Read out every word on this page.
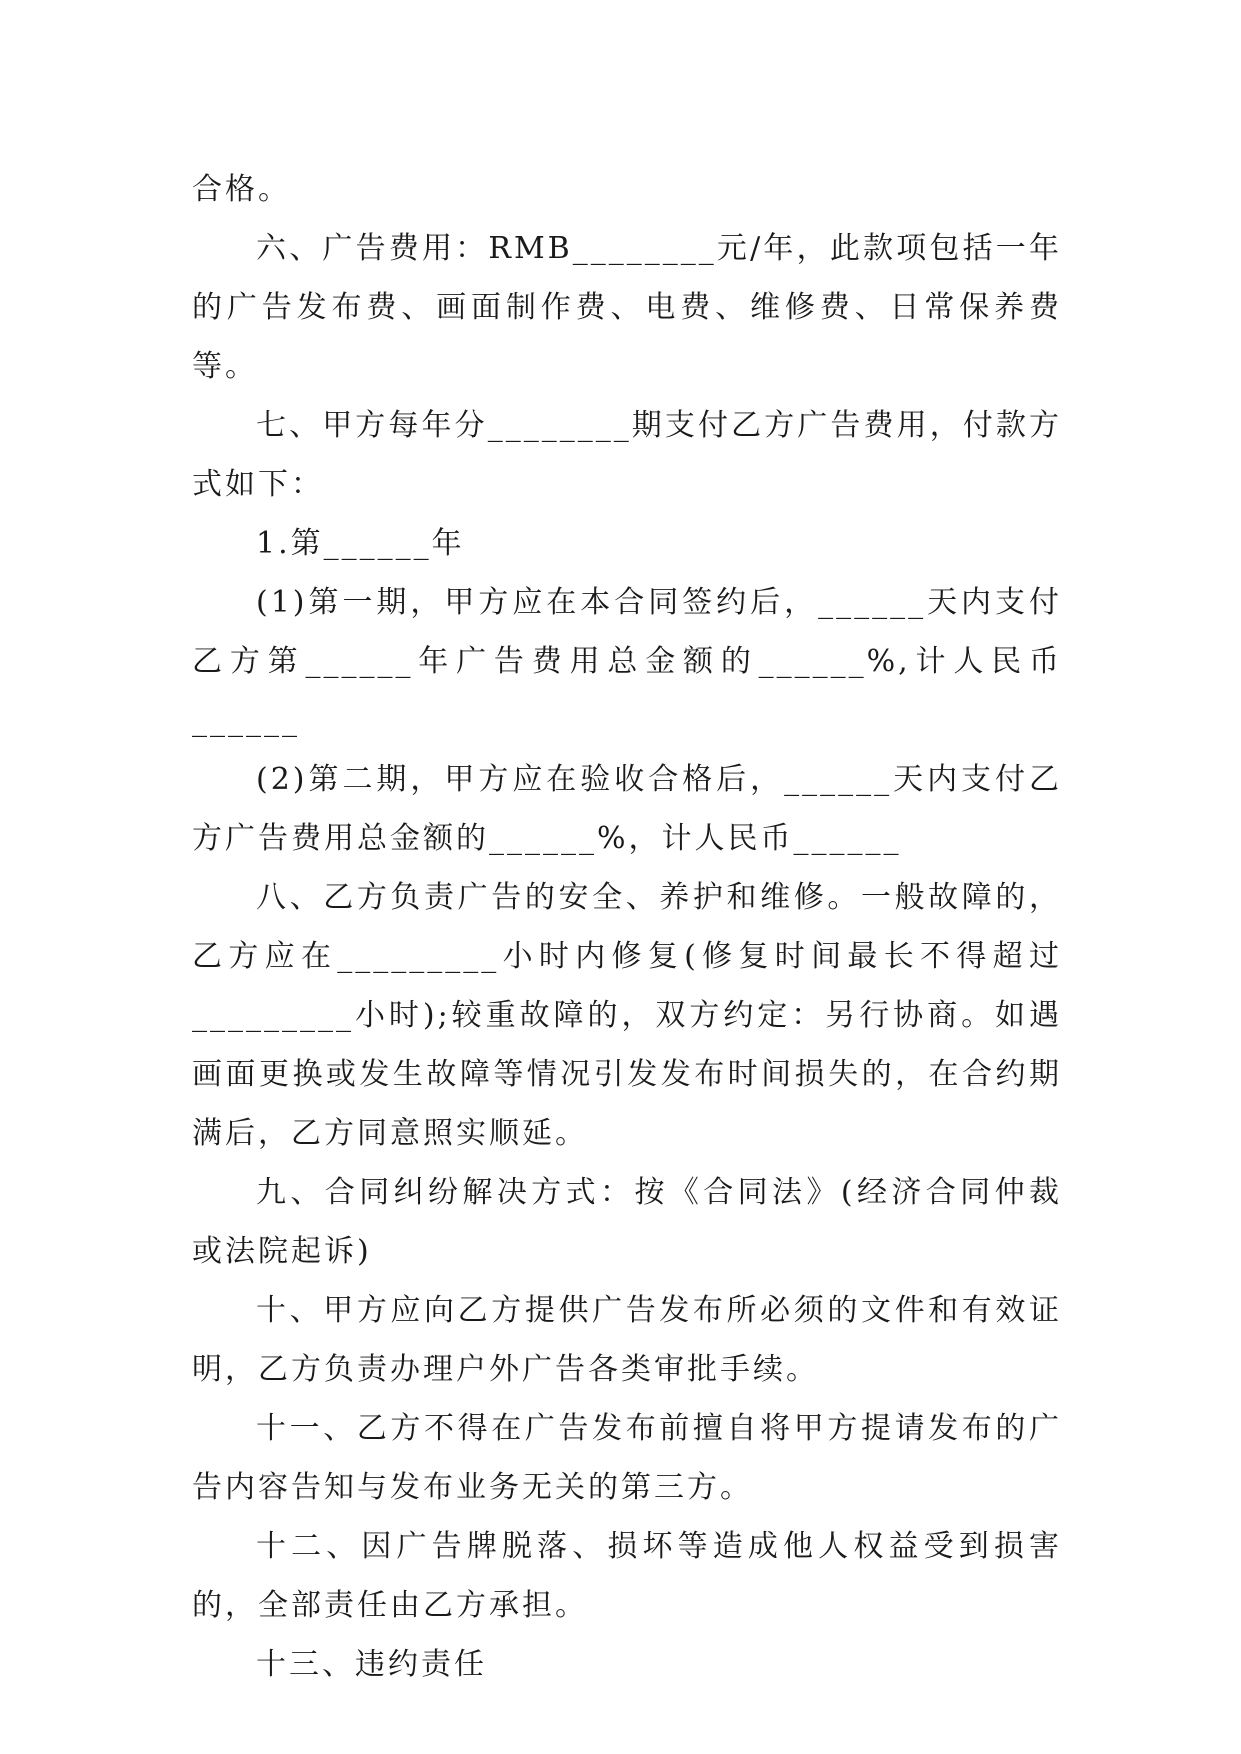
合格。

六、广告费用：RMB________元/年，此款项包括一年的广告发布费、画面制作费、电费、维修费、日常保养费等。

七、甲方每年分________期支付乙方广告费用，付款方式如下：

1.第______年

(1)第一期，甲方应在本合同签约后，______天内支付乙方第______年广告费用总金额的______%,计人民币______

(2)第二期，甲方应在验收合格后，______天内支付乙方广告费用总金额的______%，计人民币______

八、乙方负责广告的安全、养护和维修。一般故障的，乙方应在_________小时内修复(修复时间最长不得超过_________小时);较重故障的，双方约定：另行协商。如遇画面更换或发生故障等情况引发发布时间损失的，在合约期满后，乙方同意照实顺延。

九、合同纠纷解决方式：按《合同法》(经济合同仲裁或法院起诉)

十、甲方应向乙方提供广告发布所必须的文件和有效证明，乙方负责办理户外广告各类审批手续。

十一、乙方不得在广告发布前擅自将甲方提请发布的广告内容告知与发布业务无关的第三方。

十二、因广告牌脱落、损坏等造成他人权益受到损害的，全部责任由乙方承担。

十三、违约责任
